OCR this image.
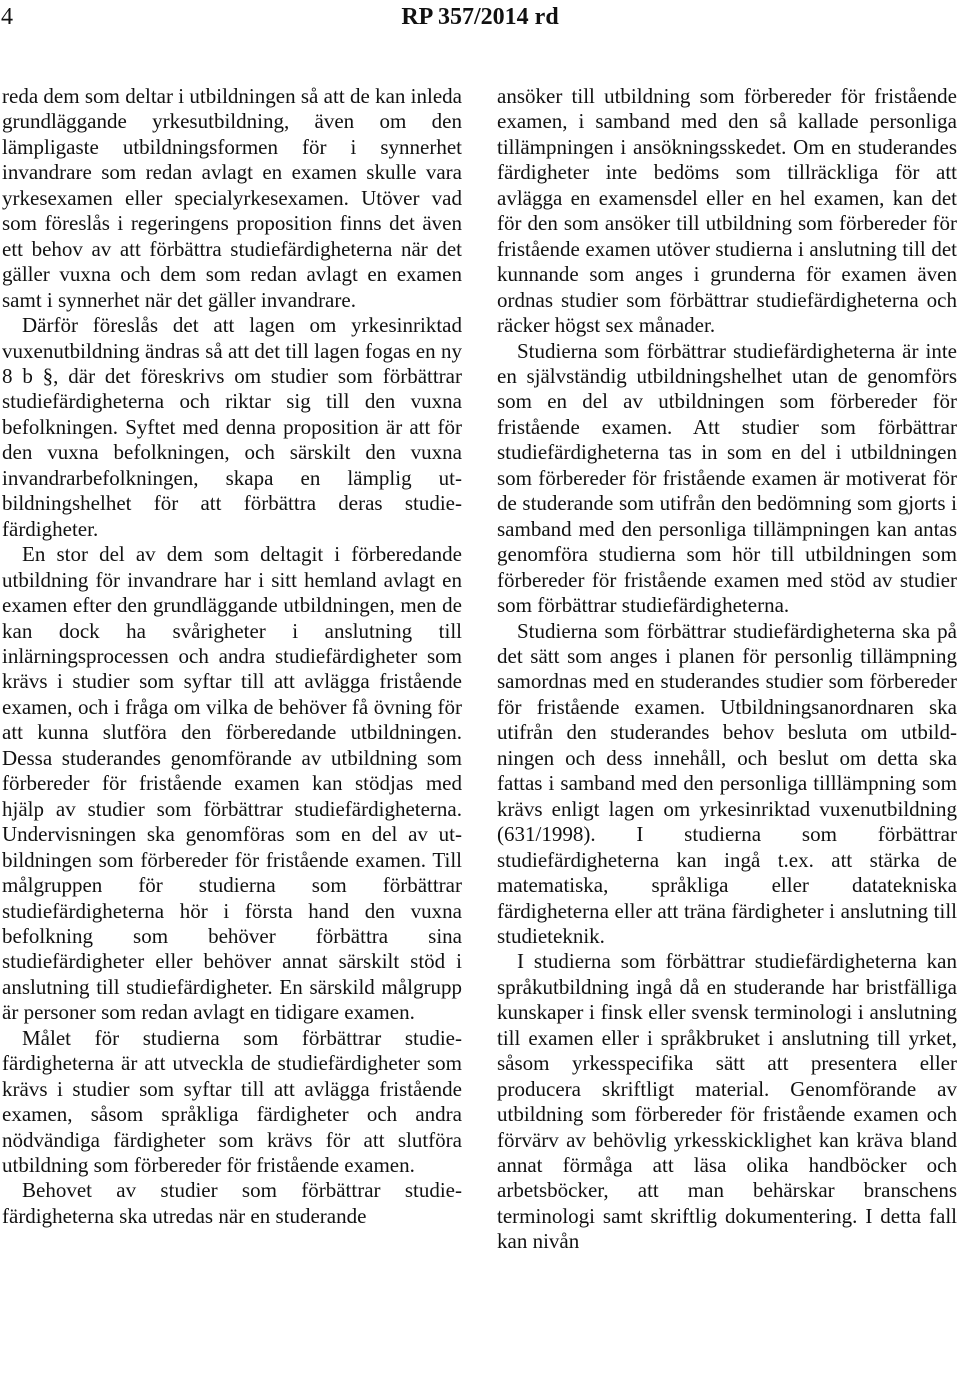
4	RP 357/2014 rd

reda dem som deltar i utbildningen så att de kan inleda grundläggande yrkesutbildning, även om den lämpligaste utbildningsformen för i synnerhet invandrare som redan avlagt en examen skulle vara yrkesexamen eller specialyrkesexamen. Utöver vad som föreslås i regeringens proposition finns det även ett behov av att förbättra studiefärdigheterna när det gäller vuxna och dem som redan avlagt en examen samt i synnerhet när det gäller invandrare.

Därför föreslås det att lagen om yrkesinriktad vuxenutbildning ändras så att det till lagen fogas en ny 8 b §, där det föreskrivs om studier som förbättrar studiefärdigheterna och riktar sig till den vuxna befolkningen. Syftet med denna proposition är att för den vuxna befolkningen, och särskilt den vuxna invandrarbefolkningen, skapa en lämplig utbildningshelhet för att förbättra deras studiefärdigheter.

En stor del av dem som deltagit i förberedande utbildning för invandrare har i sitt hemland avlagt en examen efter den grundläggande utbildningen, men de kan dock ha svårigheter i anslutning till inlärningsprocessen och andra studiefärdigheter som krävs i studier som syftar till att avlägga fristående examen, och i fråga om vilka de behöver få övning för att kunna slutföra den förberedande utbildningen. Dessa studerandes genomförande av utbildning som förbereder för fristående examen kan stödjas med hjälp av studier som förbättrar studiefärdigheterna. Undervisningen ska genomföras som en del av utbildningen som förbereder för fristående examen. Till målgruppen för studierna som förbättrar studiefärdigheterna hör i första hand den vuxna befolkning som behöver förbättra sina studiefärdigheter eller behöver annat särskilt stöd i anslutning till studiefärdigheter. En särskild målgrupp är personer som redan avlagt en tidigare examen.

Målet för studierna som förbättrar studiefärdigheterna är att utveckla de studiefärdigheter som krävs i studier som syftar till att avlägga fristående examen, såsom språkliga färdigheter och andra nödvändiga färdigheter som krävs för att slutföra utbildning som förbereder för fristående examen.

Behovet av studier som förbättrar studiefärdigheterna ska utredas när en studerande

ansöker till utbildning som förbereder för fristående examen, i samband med den så kallade personliga tillämpningen i ansökningsskedet. Om en studerandes färdigheter inte bedöms som tillräckliga för att avlägga en examensdel eller en hel examen, kan det för den som ansöker till utbildning som förbereder för fristående examen utöver studierna i anslutning till det kunnande som anges i grunderna för examen även ordnas studier som förbättrar studiefärdigheterna och räcker högst sex månader.

Studierna som förbättrar studiefärdigheterna är inte en självständig utbildningshelhet utan de genomförs som en del av utbildningen som förbereder för fristående examen. Att studier som förbättrar studiefärdigheterna tas in som en del i utbildningen som förbereder för fristående examen är motiverat för de studerande som utifrån den bedömning som gjorts i samband med den personliga tillämpningen kan antas genomföra studierna som hör till utbildningen som förbereder för fristående examen med stöd av studier som förbättrar studiefärdigheterna.

Studierna som förbättrar studiefärdigheterna ska på det sätt som anges i planen för personlig tillämpning samordnas med en studerandes studier som förbereder för fristående examen. Utbildningsanordnaren ska utifrån den studerandes behov besluta om utbildningen och dess innehåll, och beslut om detta ska fattas i samband med den personliga tilllämpning som krävs enligt lagen om yrkesinriktad vuxenutbildning (631/1998). I studierna som förbättrar studiefärdigheterna kan ingå t.ex. att stärka de matematiska, språkliga eller datatekniska färdigheterna eller att träna färdigheter i anslutning till studieteknik.

I studierna som förbättrar studiefärdigheterna kan språkutbildning ingå då en studerande har bristfälliga kunskaper i finsk eller svensk terminologi i anslutning till examen eller i språkbruket i anslutning till yrket, såsom yrkesspecifika sätt att presentera eller producera skriftligt material. Genomförande av utbildning som förbereder för fristående examen och förvärv av behövlig yrkesskicklighet kan kräva bland annat förmåga att läsa olika handböcker och arbetsböcker, att man behärskar branschens terminologi samt skriftlig dokumentering. I detta fall kan nivån
